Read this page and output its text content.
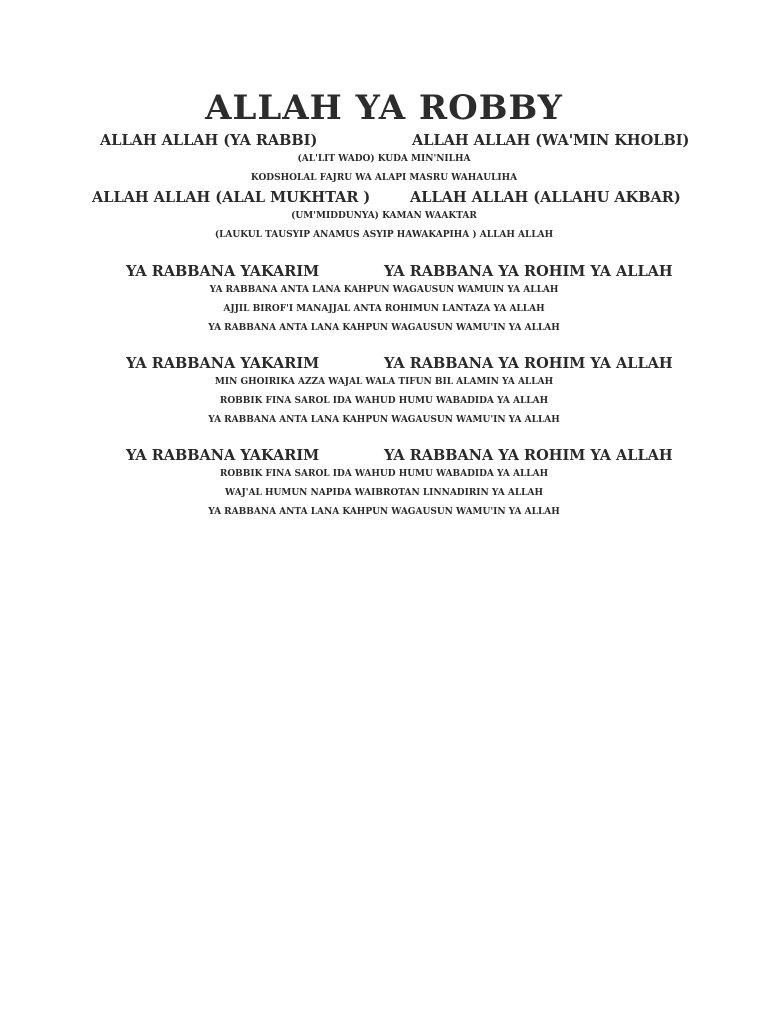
ALLAH YA ROBBY
ALLAH ALLAH (YA RABBI)	ALLAH ALLAH (WA'MIN KHOLBI)
(AL'LIT WADO) KUDA MIN'NILHA
KODSHOLAL FAJRU WA ALAPI MASRU WAHAULIHA
ALLAH ALLAH (ALAL MUKHTAR )	ALLAH ALLAH (ALLAHU AKBAR)
(UM'MIDDUNYA) KAMAN WAAKTAR
(LAUKUL TAUSYIP ANAMUS ASYIP HAWAKAPIHA ) ALLAH ALLAH
YA RABBANA YAKARIM	YA RABBANA YA ROHIM YA ALLAH
YA RABBANA ANTA LANA KAHPUN WAGAUSUN WAMUIN YA ALLAH
AJJIL BIROF'I MANAJJAL ANTA ROHIMUN LANTAZA YA ALLAH
YA RABBANA ANTA LANA KAHPUN WAGAUSUN WAMU'IN YA ALLAH
YA RABBANA YAKARIM	YA RABBANA YA ROHIM YA ALLAH
MIN GHOIRIKA AZZA WAJAL WALA TIFUN BIL ALAMIN YA ALLAH
ROBBIK FINA SAROL IDA WAHUD HUMU WABADIDA YA ALLAH
YA RABBANA ANTA LANA KAHPUN WAGAUSUN WAMU'IN YA ALLAH
YA RABBANA YAKARIM	YA RABBANA YA ROHIM YA ALLAH
ROBBIK FINA SAROL IDA WAHUD HUMU WABADIDA YA ALLAH
WAJ'AL HUMUN NAPIDA WAIBROTAN LINNADIRIN YA ALLAH
YA RABBANA ANTA LANA KAHPUN WAGAUSUN WAMU'IN YA ALLAH
